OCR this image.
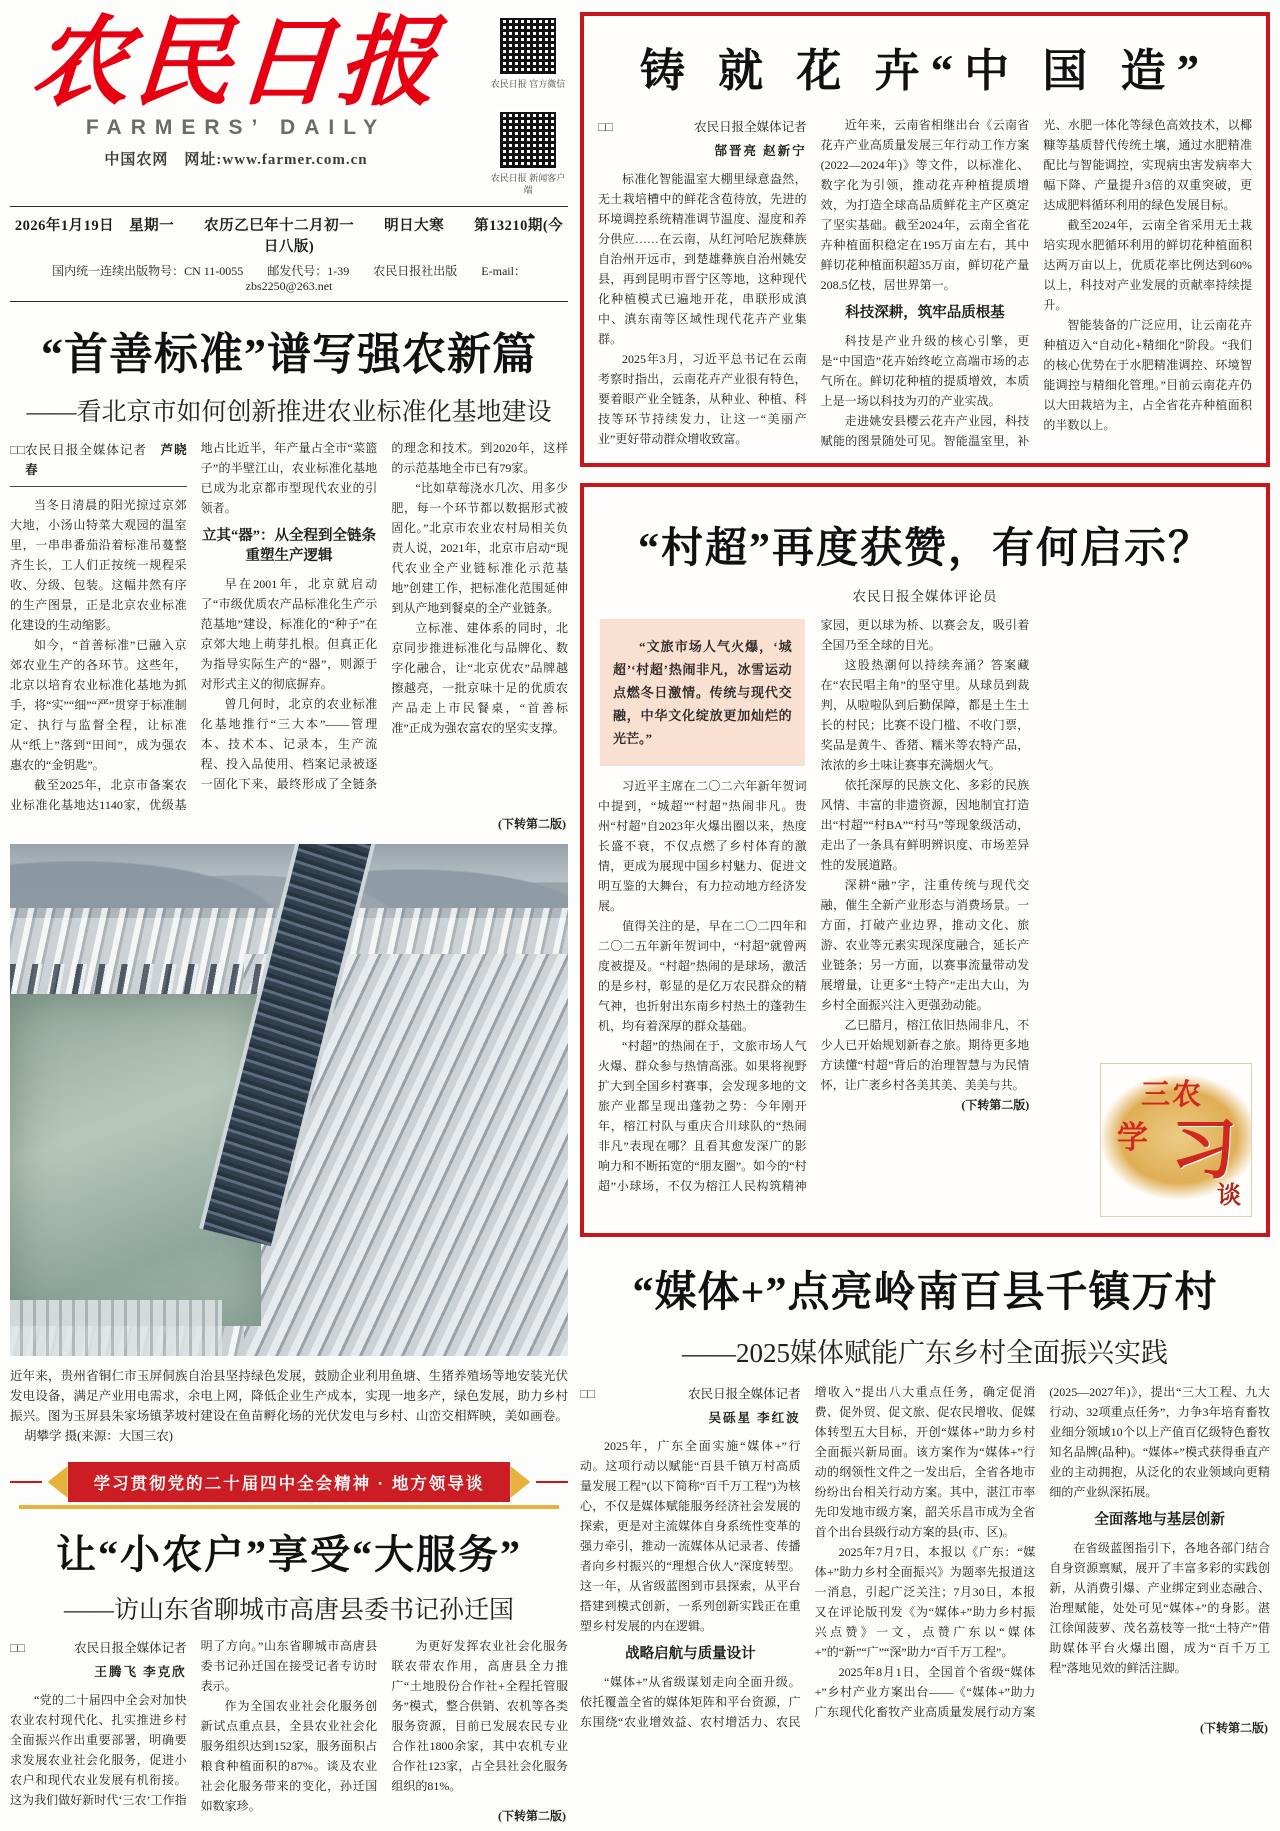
农民日报
FARMERS’ DAILY
中国农网　网址:www.farmer.com.cn
农民日报 官方微信
农民日报 新闻客户端
2026年1月19日　星期一　　农历乙巳年十二月初一　　明日大寒　　第13210期(今日八版)
国内统一连续出版物号：CN 11-0055　　邮发代号：1-39　　农民日报社出版　　E-mail：zbs2250@263.net
“首善标准”谱写强农新篇
——看北京市如何创新推进农业标准化基地建设
□□ 农民日报全媒体记者　芦晓春

当冬日清晨的阳光掠过京郊大地，小汤山特菜大观园的温室里，一串串番茄沿着标准吊蔓整齐生长，工人们正按统一规程采收、分级、包装。这幅井然有序的生产图景，正是北京农业标准化建设的生动缩影。

如今，“首善标准”已融入京郊农业生产的各环节。这些年，北京以培育农业标准化基地为抓手，将“实”“细”“严”贯穿于标准制定、执行与监督全程，让标准从“纸上”落到“田间”，成为强农惠农的“金钥匙”。

截至2025年，北京市备案农业标准化基地达1140家，优级基地占比近半，年产量占全市“菜篮子”的半壁江山，农业标准化基地已成为北京都市型现代农业的引领者。

立其“器”：从全程到全链条 重塑生产逻辑

早在2001年，北京就启动了“市级优质农产品标准化生产示范基地”建设，标准化的“种子”在京郊大地上萌芽扎根。但真正化为指导实际生产的“器”，则源于对形式主义的彻底摒弃。

曾几何时，北京的农业标准化基地推行“三大本”——管理本、技术本、记录本，生产流程、投入品使用、档案记录被逐一固化下来，最终形成了全链条的理念和技术。到2020年，这样的示范基地全市已有79家。

“比如草莓浇水几次、用多少肥，每一个环节都以数据形式被固化。”北京市农业农村局相关负责人说，2021年，北京市启动“现代农业全产业链标准化示范基地”创建工作，把标准化范围延伸到从产地到餐桌的全产业链条。

立标准、建体系的同时，北京同步推进标准化与品牌化、数字化融合，让“北京优农”品牌越擦越亮，一批京味十足的优质农产品走上市民餐桌，“首善标准”正成为强农富农的坚实支撑。

(下转第二版)

近年来，贵州省铜仁市玉屏侗族自治县坚持绿色发展，鼓励企业利用鱼塘、生猪养殖场等地安装光伏发电设备，满足产业用电需求，余电上网，降低企业生产成本，实现一地多产，绿色发展，助力乡村振兴。图为玉屏县朱家场镇茅坡村建设在鱼苗孵化场的光伏发电与乡村、山峦交相辉映，美如画卷。 胡攀学 摄(来源：大国三农)

学习贯彻党的二十届四中全会精神 · 地方领导谈
让“小农户”享受“大服务”
——访山东省聊城市高唐县委书记孙迁国
□□	农民日报全媒体记者
王腾飞 李克欣

“党的二十届四中全会对加快农业农村现代化、扎实推进乡村全面振兴作出重要部署，明确要求发展农业社会化服务，促进小农户和现代农业发展有机衔接。这为我们做好新时代‘三农’工作指明了方向。”山东省聊城市高唐县委书记孙迁国在接受记者专访时表示。

作为全国农业社会化服务创新试点重点县，全县农业社会化服务组织达到152家，服务面积占粮食种植面积的87%。谈及农业社会化服务带来的变化，孙迁国如数家珍。

为更好发挥农业社会化服务联农带农作用，高唐县全力推广“土地股份合作社+全程托管服务”模式，整合供销、农机等各类服务资源，目前已发展农民专业合作社1800余家，其中农机专业合作社123家，占全县社会化服务组织的81%。

(下转第二版)
铸 就 花 卉“中 国 造”
□□	农民日报全媒体记者
郜晋亮 赵新宁

标准化智能温室大棚里绿意盎然，无土栽培槽中的鲜花含苞待放，先进的环境调控系统精准调节温度、湿度和养分供应……在云南，从红河哈尼族彝族自治州开远市，到楚雄彝族自治州姚安县，再到昆明市晋宁区等地，这种现代化种植模式已遍地开花，串联形成滇中、滇东南等区域性现代花卉产业集群。

2025年3月，习近平总书记在云南考察时指出，云南花卉产业很有特色，要着眼产业全链条，从种业、种植、科技等环节持续发力，让这一“美丽产业”更好带动群众增收致富。

近年来，云南省相继出台《云南省花卉产业高质量发展三年行动工作方案(2022—2024年)》等文件，以标准化、数字化为引领，推动花卉种植提质增效，为打造全球高品质鲜花主产区奠定了坚实基础。截至2024年，云南全省花卉种植面积稳定在195万亩左右，其中鲜切花种植面积超35万亩，鲜切花产量208.5亿枝，居世界第一。

科技深耕，筑牢品质根基

科技是产业升级的核心引擎，更是“中国造”花卉始终屹立高端市场的志气所在。鲜切花种植的提质增效，本质上是一场以科技为刃的产业实战。

走进姚安县樱云花卉产业园，科技赋能的图景随处可见。智能温室里，补光、水肥一体化等绿色高效技术，以椰糠等基质替代传统土壤，通过水肥精准配比与智能调控，实现病虫害发病率大幅下降、产量提升3倍的双重突破，更达成肥料循环利用的绿色发展目标。

截至2024年，云南全省采用无土栽培实现水肥循环利用的鲜切花种植面积达两万亩以上，优质花率比例达到60%以上，科技对产业发展的贡献率持续提升。

智能装备的广泛应用，让云南花卉种植迈入“自动化+精细化”阶段。“我们的核心优势在于水肥精准调控、环境智能调控与精细化管理。”目前云南花卉仍以大田栽培为主，占全省花卉种植面积的半数以上。

“村超”再度获赞，有何启示？
农民日报全媒体评论员
“文旅市场人气火爆，‘城超’‘村超’热闹非凡，冰雪运动点燃冬日激情。传统与现代交融，中华文化绽放更加灿烂的光芒。”

习近平主席在二〇二六年新年贺词中提到，“城超”“村超”热闹非凡。贵州“村超”自2023年火爆出圈以来，热度长盛不衰，不仅点燃了乡村体育的激情，更成为展现中国乡村魅力、促进文明互鉴的大舞台，有力拉动地方经济发展。

值得关注的是，早在二〇二四年和二〇二五年新年贺词中，“村超”就曾两度被提及。“村超”热闹的是球场，激活的是乡村，彰显的是亿万农民群众的精气神，也折射出东南乡村热土的蓬勃生机，均有着深厚的群众基础。

“村超”的热闹在于，文旅市场人气火爆、群众参与热情高涨。如果将视野扩大到全国乡村赛事，会发现多地的文旅产业都呈现出蓬勃之势：今年刚开年，榕江村队与重庆合川球队的“热闹非凡”表现在哪？且看其愈发深广的影响力和不断拓宽的“朋友圈”。如今的“村超”小球场，不仅为榕江人民构筑精神家园，更以球为桥、以赛会友，吸引着全国乃至全球的目光。

这股热潮何以持续奔涌？答案藏在“农民唱主角”的坚守里。从球员到裁判，从啦啦队到后勤保障，都是土生土长的村民；比赛不设门槛、不收门票，奖品是黄牛、香猪、糯米等农特产品，浓浓的乡土味让赛事充满烟火气。

依托深厚的民族文化、多彩的民族风情、丰富的非遗资源，因地制宜打造出“村超”“村BA”“村马”等现象级活动，走出了一条具有鲜明辨识度、市场差异性的发展道路。

深耕“融”字，注重传统与现代交融，催生全新产业形态与消费场景。一方面，打破产业边界，推动文化、旅游、农业等元素实现深度融合，延长产业链条；另一方面，以赛事流量带动发展增量，让更多“土特产”走出大山，为乡村全面振兴注入更强劲动能。

乙巳腊月，榕江依旧热闹非凡，不少人已开始规划新春之旅。期待更多地方读懂“村超”背后的治理智慧与为民情怀，让广袤乡村各美其美、美美与共。

(下转第二版)	三农
学 习
谈
“媒体+”点亮岭南百县千镇万村
——2025媒体赋能广东乡村全面振兴实践
□□	农民日报全媒体记者
吴砾星 李红波

2025年，广东全面实施“媒体+”行动。这项行动以赋能“百县千镇万村高质量发展工程”(以下简称“百千万工程”)为核心，不仅是媒体赋能服务经济社会发展的探索，更是对主流媒体自身系统性变革的强力牵引，推动一流媒体从记录者、传播者向乡村振兴的“理想合伙人”深度转型。这一年，从省级蓝图到市县探索，从平台搭建到模式创新，一系列创新实践正在重塑乡村发展的内在逻辑。

战略启航与质量设计

“媒体+”从省级谋划走向全面升级。依托覆盖全省的媒体矩阵和平台资源，广东围绕“农业增效益、农村增活力、农民增收入”提出八大重点任务，确定促消费、促外贸、促文旅、促农民增收、促媒体转型五大目标，开创“媒体+”助力乡村全面振兴新局面。该方案作为“媒体+”行动的纲领性文件之一发出后，全省各地市纷纷出台相关行动方案。其中，湛江市率先印发地市级方案，韶关乐昌市成为全省首个出台县级行动方案的县(市、区)。

2025年7月7日，本报以《广东：“媒体+”助力乡村全面振兴》为题率先报道这一消息，引起广泛关注；7月30日，本报又在评论版刊发《为“媒体+”助力乡村振兴点赞》一文，点赞广东以“媒体+”的“新”“广”“深”助力“百千万工程”。

2025年8月1日，全国首个省级“媒体+”乡村产业方案出台——《“媒体+”助力广东现代化畜牧产业高质量发展行动方案(2025—2027年)》，提出“三大工程、九大行动、32项重点任务”，力争3年培育畜牧业细分领域10个以上产值百亿级特色畜牧知名品牌(品种)。“媒体+”模式获得垂直产业的主动拥抱，从泛化的农业领域向更精细的产业纵深拓展。

全面落地与基层创新

在省级蓝图指引下，各地各部门结合自身资源禀赋，展开了丰富多彩的实践创新，从消费引爆、产业绑定到业态融合、治理赋能，处处可见“媒体+”的身影。湛江徐闻菠萝、茂名荔枝等一批“土特产”借助媒体平台火爆出圈，成为“百千万工程”落地见效的鲜活注脚。

(下转第二版)
